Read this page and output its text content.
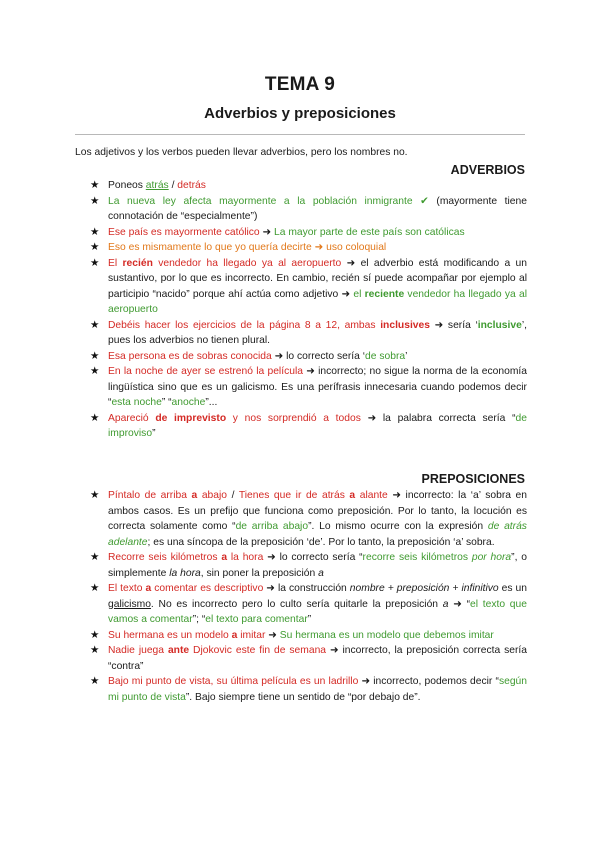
TEMA 9
Adverbios y preposiciones
Los adjetivos y los verbos pueden llevar adverbios, pero los nombres no.
ADVERBIOS
★ Poneos atrás / detrás
★ La nueva ley afecta mayormente a la población inmigrante ✔ (mayormente tiene connotación de “especialmente”)
★ Ese país es mayormente católico ➜ La mayor parte de este país son católicas
★ Eso es mismamente lo que yo quería decirte ➜ uso coloquial
★ El recién vendedor ha llegado ya al aeropuerto ➜ el adverbio está modificando a un sustantivo, por lo que es incorrecto. En cambio, recién sí puede acompañar por ejemplo al participio “nacido” porque ahí actúa como adjetivo ➜ el reciente vendedor ha llegado ya al aeropuerto
★ Debéis hacer los ejercicios de la página 8 a 12, ambas inclusives ➜ sería ‘inclusive’, pues los adverbios no tienen plural.
★ Esa persona es de sobras conocida ➜ lo correcto sería ‘de sobra’
★ En la noche de ayer se estrenó la película ➜ incorrecto; no sigue la norma de la economía lingüística sino que es un galicismo. Es una perífrasis innecesaria cuando podemos decir “esta noche” “anoche”...
★ Apareció de imprevisto y nos sorprendió a todos ➜ la palabra correcta sería “de improviso”
PREPOSICIONES
★ Píntalo de arriba a abajo / Tienes que ir de atrás a alante ➜ incorrecto: la ‘a’ sobra en ambos casos. Es un prefijo que funciona como preposición. Por lo tanto, la locución es correcta solamente como “de arriba abajo”. Lo mismo ocurre con la expresión de atrás adelante; es una síncopa de la preposición ‘de’. Por lo tanto, la preposición ‘a’ sobra.
★ Recorre seis kilómetros a la hora ➜ lo correcto sería “recorre seis kilómetros por hora”, o simplemente la hora, sin poner la preposición a
★ El texto a comentar es descriptivo ➜ la construcción nombre + preposición + infinitivo es un galicismo. No es incorrecto pero lo culto sería quitarle la preposición a ➜ “el texto que vamos a comentar”; “el texto para comentar”
★ Su hermana es un modelo a imitar ➜ Su hermana es un modelo que debemos imitar
★ Nadie juega ante Djokovic este fin de semana ➜ incorrecto, la preposición correcta sería “contra”
★ Bajo mi punto de vista, su última película es un ladrillo ➜ incorrecto, podemos decir “según mi punto de vista”. Bajo siempre tiene un sentido de “por debajo de”.
